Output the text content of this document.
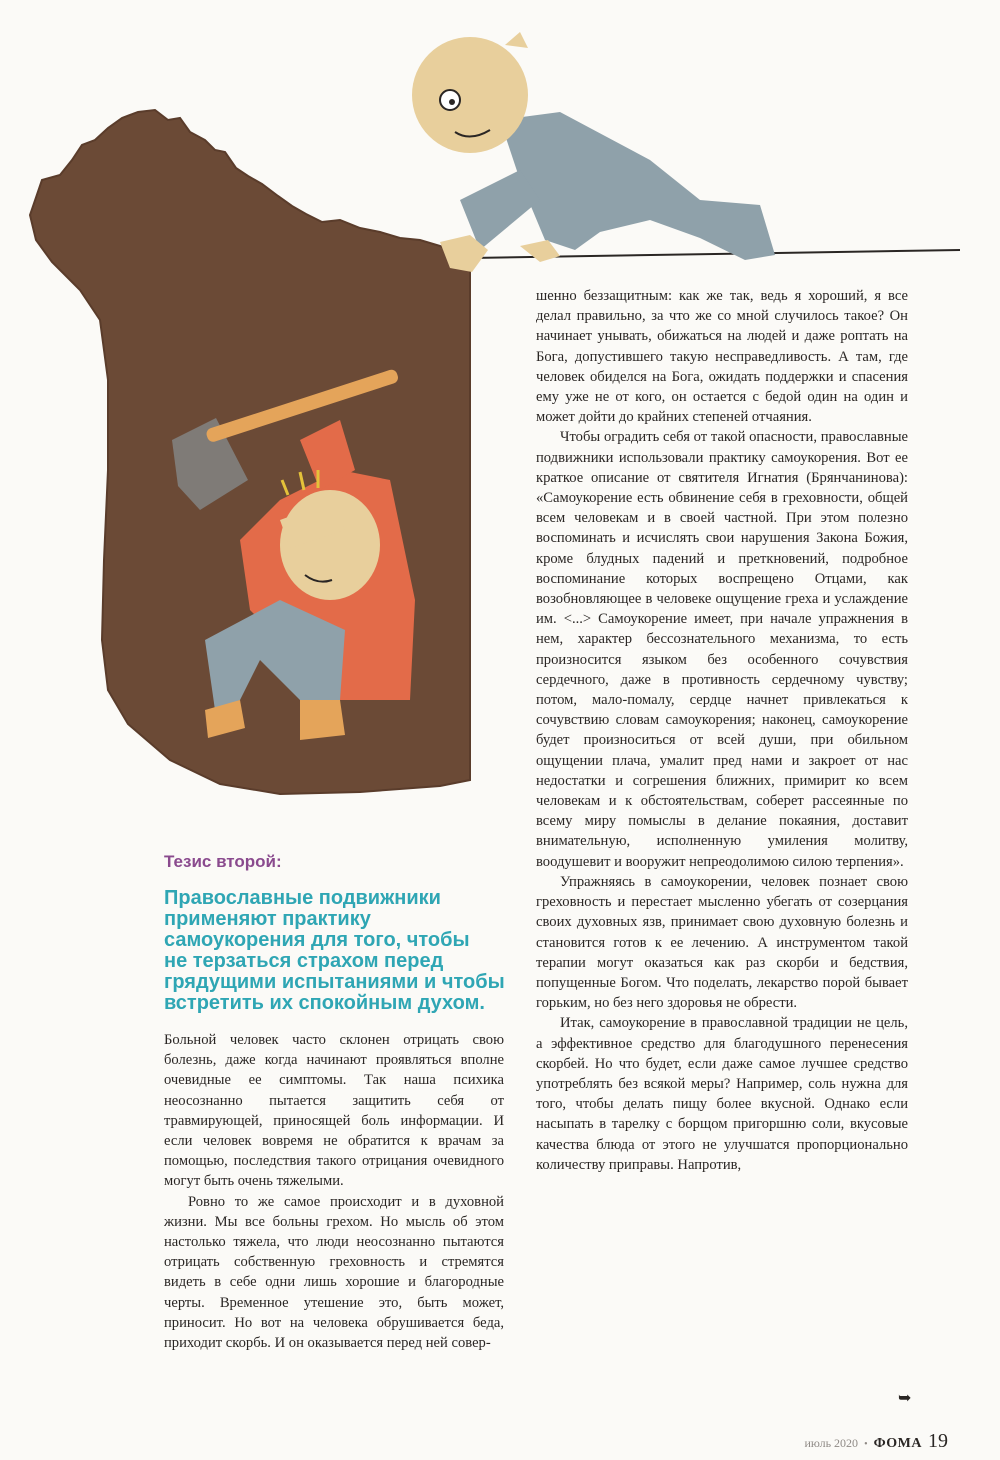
шенно беззащитным: как же так, ведь я хороший, я все делал правильно, за что же со мной случилось такое? Он начинает унывать, обижаться на людей и даже роптать на Бога, допустившего такую несправедливость. А там, где человек обиделся на Бога, ожидать поддержки и спасения ему уже не от кого, он остается с бедой один на один и может дойти до крайних степеней отчаяния.

Чтобы оградить себя от такой опасности, православные подвижники использовали практику самоукорения. Вот ее краткое описание от святителя Игнатия (Брянчанинова): «Самоукорение есть обвинение себя в греховности, общей всем человекам и в своей частной. При этом полезно воспоминать и исчислять свои нарушения Закона Божия, кроме блудных падений и преткновений, подробное воспоминание которых воспрещено Отцами, как возобновляющее в человеке ощущение греха и услаждение им. <...> Самоукорение имеет, при начале упражнения в нем, характер бессознательного механизма, то есть произносится языком без особенного сочувствия сердечного, даже в противность сердечному чувству; потом, мало-помалу, сердце начнет привлекаться к сочувствию словам самоукорения; наконец, самоукорение будет произноситься от всей души, при обильном ощущении плача, умалит пред нами и закроет от нас недостатки и согрешения ближних, примирит ко всем человекам и к обстоятельствам, соберет рассеянные по всему миру помыслы в делание покаяния, доставит внимательную, исполненную умиления молитву, воодушевит и вооружит непреодолимою силою терпения».

Упражняясь в самоукорении, человек познает свою греховность и перестает мысленно убегать от созерцания своих духовных язв, принимает свою духовную болезнь и становится готов к ее лечению. А инструментом такой терапии могут оказаться как раз скорби и бедствия, попущенные Богом. Что поделать, лекарство порой бывает горьким, но без него здоровья не обрести.

Итак, самоукорение в православной традиции не цель, а эффективное средство для благодушного перенесения скорбей. Но что будет, если даже самое лучшее средство употреблять без всякой меры? Например, соль нужна для того, чтобы делать пищу более вкусной. Однако если насыпать в тарелку с борщом пригоршню соли, вкусовые качества блюда от этого не улучшатся пропорционально количеству приправы. Напротив,

Тезис второй:
Православные подвижники
применяют практику
самоукорения для того, чтобы
не терзаться страхом перед
грядущими испытаниями и чтобы
встретить их спокойным духом.

Больной человек часто склонен отрицать свою болезнь, даже когда начинают проявляться вполне очевидные ее симптомы. Так наша психика неосознанно пытается защитить себя от травмирующей, приносящей боль информации. И если человек вовремя не обратится к врачам за помощью, последствия такого отрицания очевидного могут быть очень тяжелыми.

Ровно то же самое происходит и в духовной жизни. Мы все больны грехом. Но мысль об этом настолько тяжела, что люди неосознанно пытаются отрицать собственную греховность и стремятся видеть в себе одни лишь хорошие и благородные черты. Временное утешение это, быть может, приносит. Но вот на человека обрушивается беда, приходит скорбь. И он оказывается перед ней совер-

➥
июль 2020 • ФОМА 19
